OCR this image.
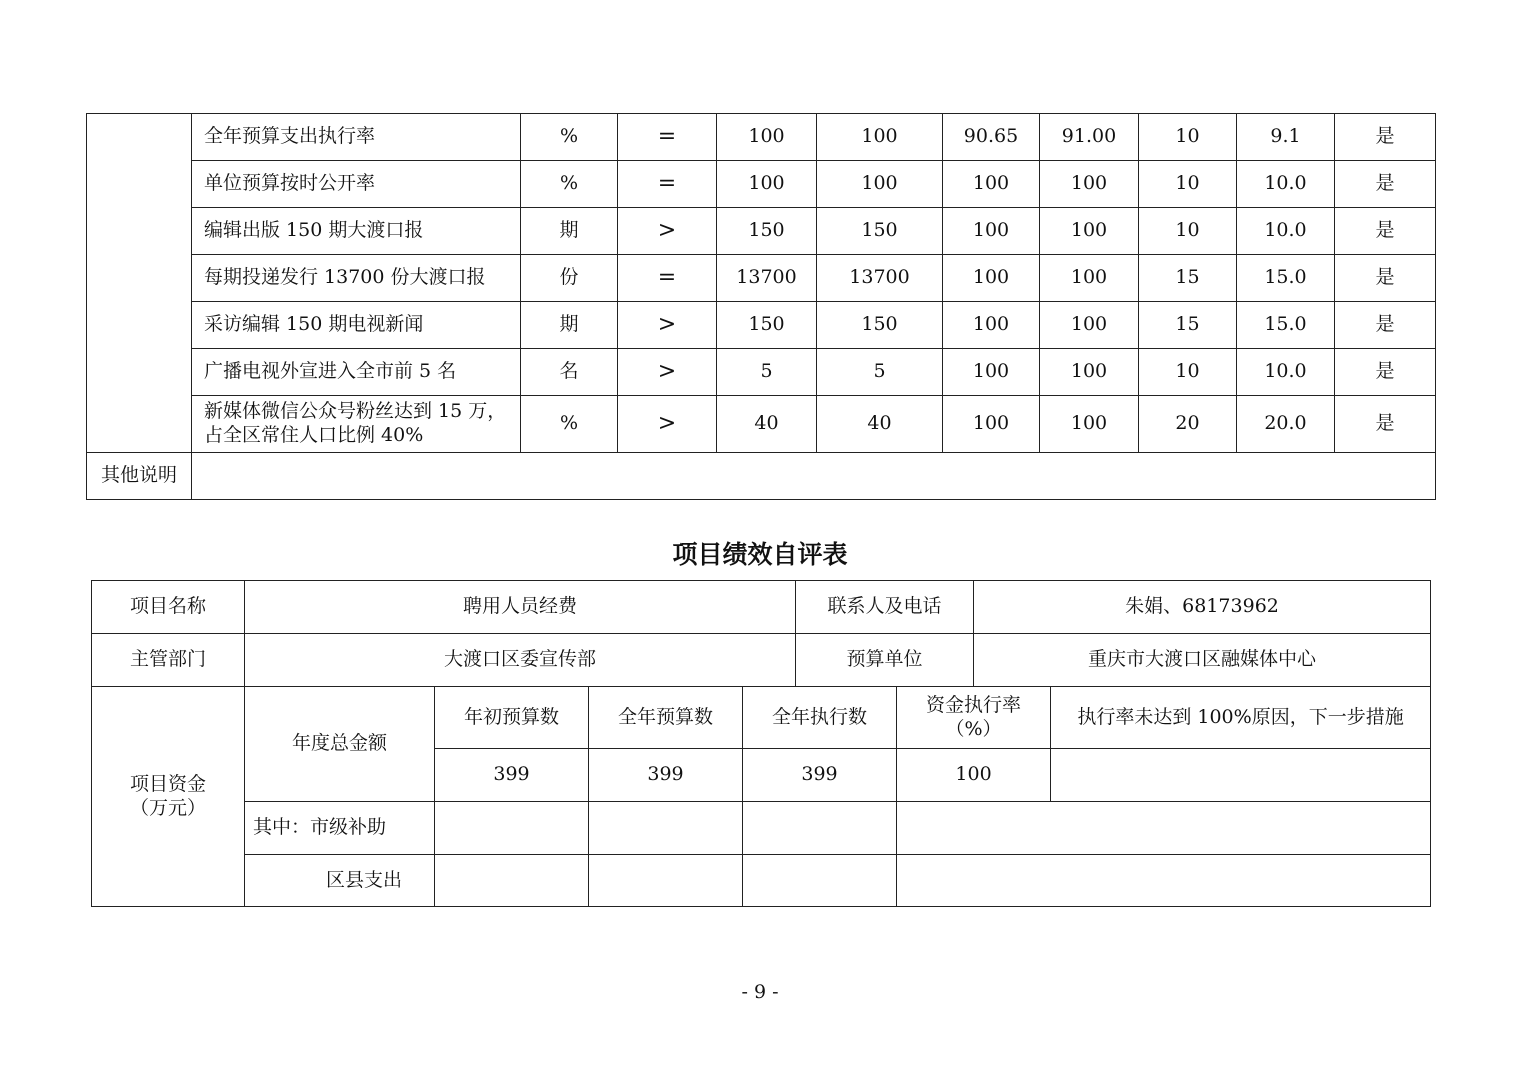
	全年预算支出执行率	%	=	100	100	90.65	91.00	10	9.1	是
	单位预算按时公开率	%	=	100	100	100	100	10	10.0	是
	编辑出版 150 期大渡口报	期	>	150	150	100	100	10	10.0	是
	每期投递发行 13700 份大渡口报	份	=	13700	13700	100	100	15	15.0	是
	采访编辑 150 期电视新闻	期	>	150	150	100	100	15	15.0	是
	广播电视外宣进入全市前 5 名	名	>	5	5	100	100	10	10.0	是
	新媒体微信公众号粉丝达到 15 万，占全区常住人口比例 40%	%	>	40	40	100	100	20	20.0	是
其他说明										
项目绩效自评表
项目名称	聘用人员经费				联系人及电话		朱娟、68173962	
主管部门	大渡口区委宣传部				预算单位		重庆市大渡口区融媒体中心	
项目资金（万元）	年度总金额	年初预算数	全年预算数	全年执行数		资金执行率（%）		执行率未达到 100%原因，下一步措施
		399	399	399		100		
	其中：市级补助							
	区县支出							
- 9 -
